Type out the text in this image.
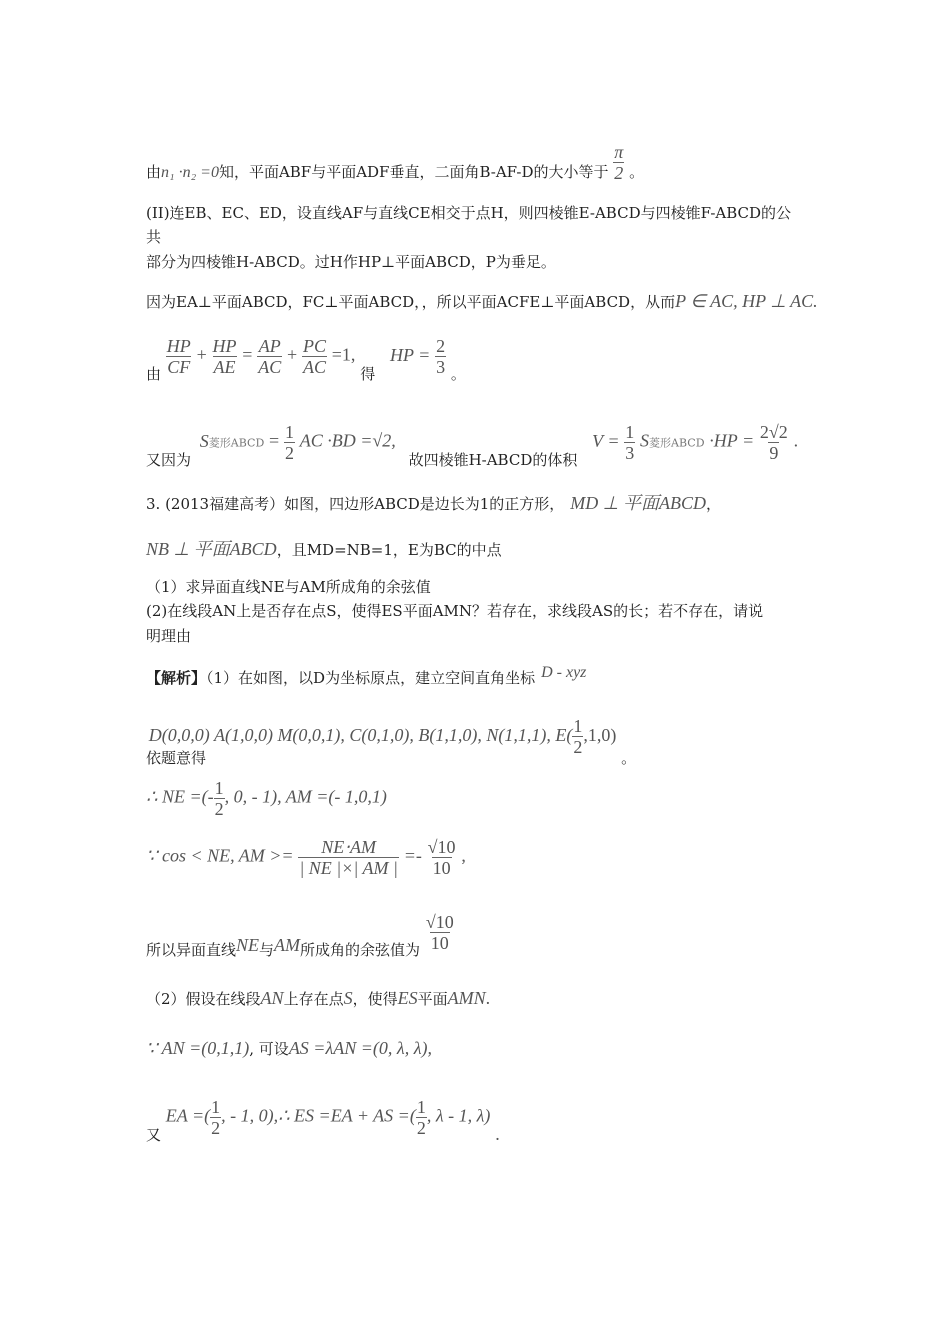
由n₁ ·n₂ =0知，平面ABF与平面ADF垂直，二面角B-AF-D的大小等于 $\frac{\pi}{2}$ 。
(II)连EB、EC、ED，设直线AF与直线CE相交于点H，则四棱锥E-ABCD与四棱锥F-ABCD的公
共
部分为四棱锥H-ABCD。过H作HP⊥平面ABCD，P为垂足。
因为EA⊥平面ABCD，FC⊥平面ABCD，，所以平面ACFE⊥平面ABCD，从而P ∈ AC, HP ⊥ AC.
由 $\frac{HP}{CF} + \frac{HP}{AE} = \frac{AP}{AC} + \frac{PC}{AC} =1$, 得 HP = $\frac{2}{3}$ 。
又因为 S菱形ABCD = $\frac{1}{2}$ AC ·BD =√2, 故四棱锥H-ABCD的体积 $V = \frac{1}{3}$ S菱形ABCD $\cdot HP = \frac{2√2}{9}$ .
3. (2013福建高考）如图，四边形ABCD是边长为1的正方形， MD ⊥ 平面ABCD，
NB ⊥ 平面ABCD，且MD=NB=1，E为BC的中点
（1）求异面直线NE与AM所成角的余弦值
(2)在线段AN上是否存在点S，使得ES平面AMN？若存在，求线段AS的长；若不存在，请说
明理由
【解析】（1）在如图，以D为坐标原点，建立空间直角坐标 D - xyz
依题意得 D(0,0,0) A(1,0,0) M(0,0,1), C(0,1,0), B(1,1,0), N(1,1,1), $E( \frac{1}{2} ,1,0)$ 。
∴ NE =(- $\frac{1}{2}$ , 0, - 1), AM =(- 1,0,1)
∵ cos < NE, AM >= $\frac{NE\cdot AM}{| NE |\times| AM |} =- \frac{√10}{10}$ ,
所以异面直线NE与AM所成角的余弦值为 $\frac{√10}{10}$
（2）假设在线段AN上存在点S，使得ES平面AMN.
∵ AN =(0,1,1), 可设AS =λAN =(0, λ, λ),
又 EA =( $\frac{1}{2}$ , - 1, 0),∴ ES =EA + AS =( $\frac{1}{2}$ , λ - 1, λ) .
